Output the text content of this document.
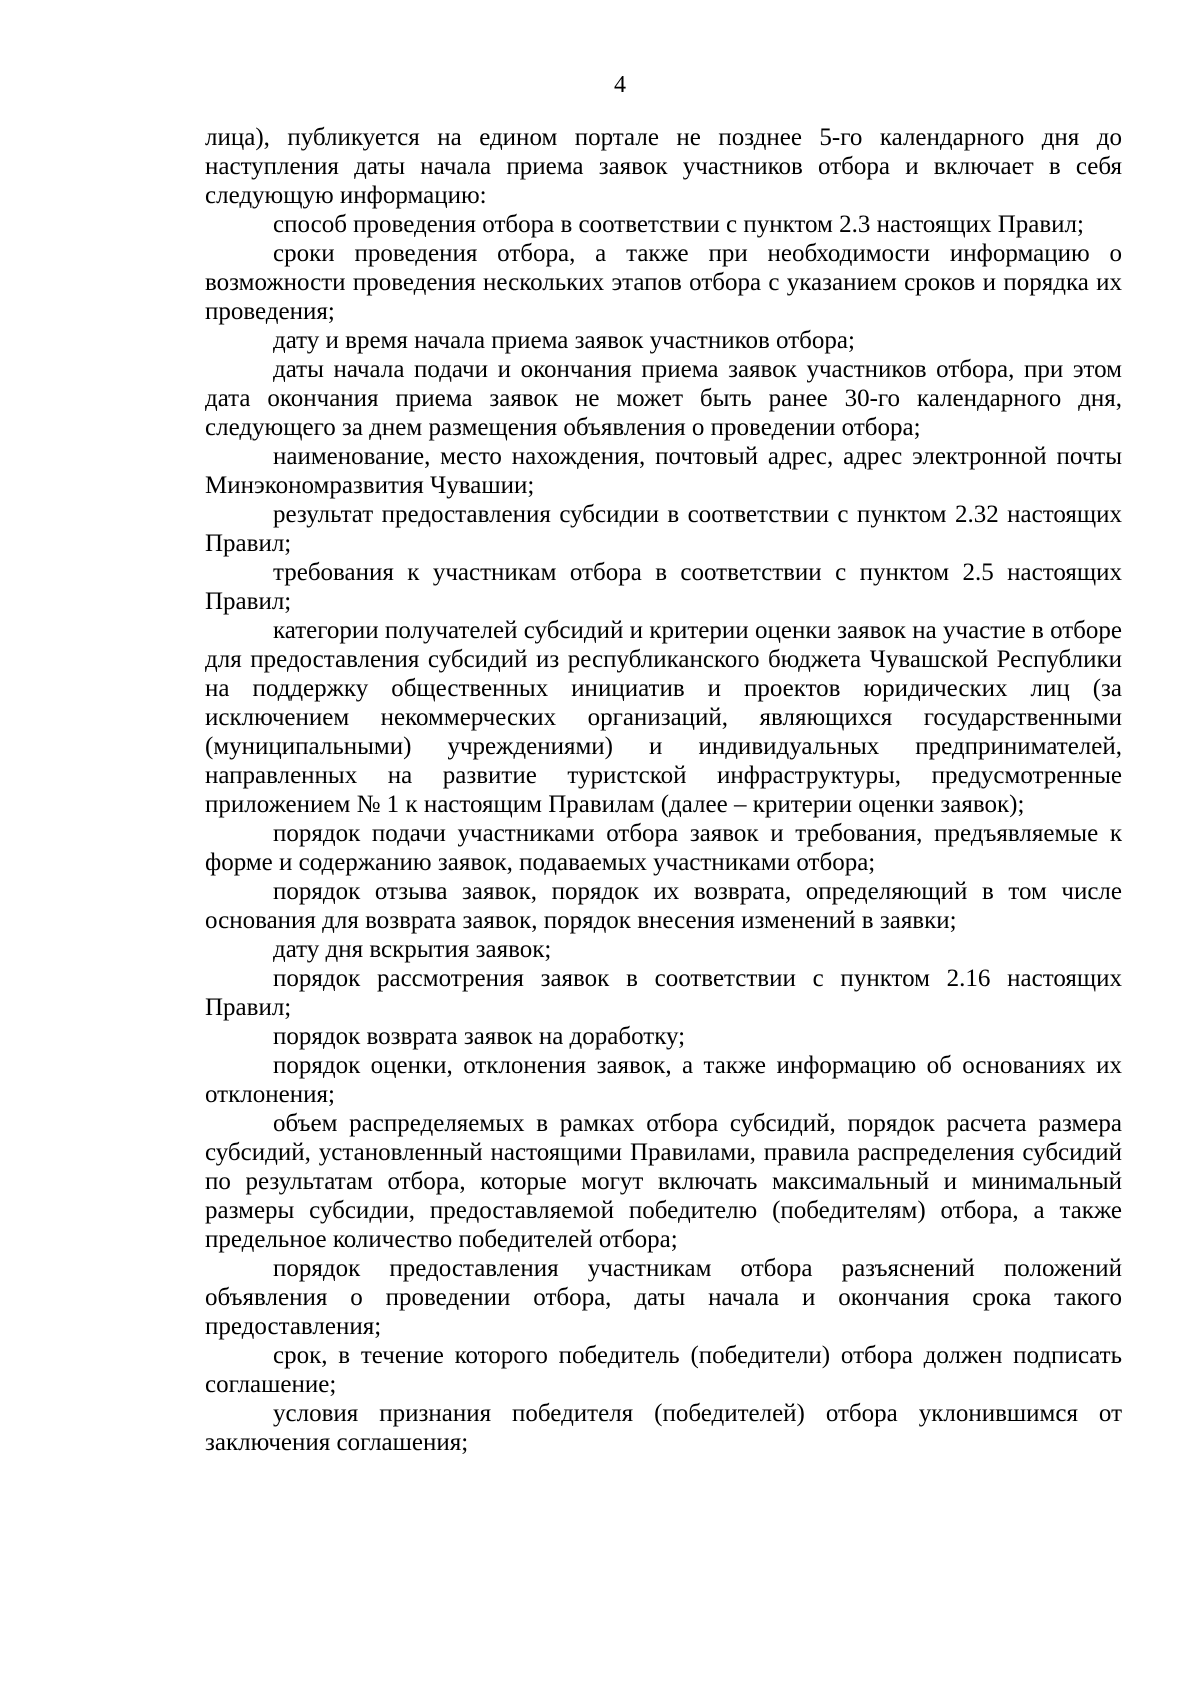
4

лица), публикуется на едином портале не позднее 5-го календарного дня до наступления даты начала приема заявок участников отбора и включает в себя следующую информацию:

способ проведения отбора в соответствии с пунктом 2.3 настоящих Правил;

сроки проведения отбора, а также при необходимости информацию о возможности проведения нескольких этапов отбора с указанием сроков и порядка их проведения;

дату и время начала приема заявок участников отбора;

даты начала подачи и окончания приема заявок участников отбора, при этом дата окончания приема заявок не может быть ранее 30-го календарного дня, следующего за днем размещения объявления о проведении отбора;

наименование, место нахождения, почтовый адрес, адрес электронной почты Минэкономразвития Чувашии;

результат предоставления субсидии в соответствии с пунктом 2.32 настоящих Правил;

требования к участникам отбора в соответствии с пунктом 2.5 настоящих Правил;

категории получателей субсидий и критерии оценки заявок на участие в отборе для предоставления субсидий из республиканского бюджета Чувашской Республики на поддержку общественных инициатив и проектов юридических лиц (за исключением некоммерческих организаций, являющихся государственными (муниципальными) учреждениями) и индивидуальных предпринимателей, направленных на развитие туристской инфраструктуры, предусмотренные приложением № 1 к настоящим Правилам (далее – критерии оценки заявок);

порядок подачи участниками отбора заявок и требования, предъявляемые к форме и содержанию заявок, подаваемых участниками отбора;

порядок отзыва заявок, порядок их возврата, определяющий в том числе основания для возврата заявок, порядок внесения изменений в заявки;

дату дня вскрытия заявок;

порядок рассмотрения заявок в соответствии с пунктом 2.16 настоящих Правил;

порядок возврата заявок на доработку;

порядок оценки, отклонения заявок, а также информацию об основаниях их отклонения;

объем распределяемых в рамках отбора субсидий, порядок расчета размера субсидий, установленный настоящими Правилами, правила распределения субсидий по результатам отбора, которые могут включать максимальный и минимальный размеры субсидии, предоставляемой победителю (победителям) отбора, а также предельное количество победителей отбора;

порядок предоставления участникам отбора разъяснений положений объявления о проведении отбора, даты начала и окончания срока такого предоставления;

срок, в течение которого победитель (победители) отбора должен подписать соглашение;

условия признания победителя (победителей) отбора уклонившимся от заключения соглашения;
